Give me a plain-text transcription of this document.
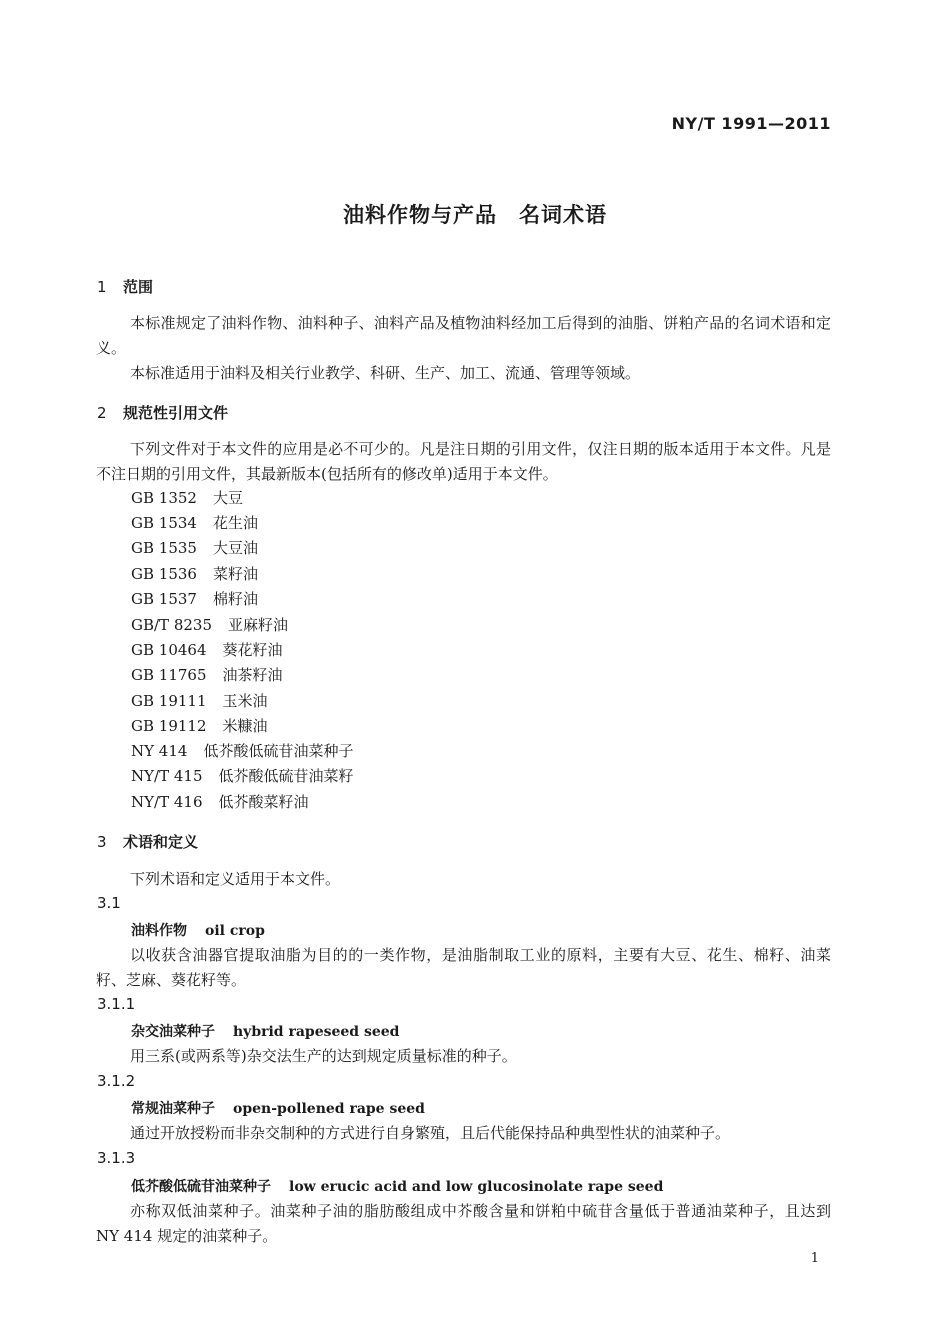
NY/T 1991—2011
油料作物与产品　名词术语
1 范围
本标准规定了油料作物、油料种子、油料产品及植物油料经加工后得到的油脂、饼粕产品的名词术语和定义。
本标准适用于油料及相关行业教学、科研、生产、加工、流通、管理等领域。
2 规范性引用文件
下列文件对于本文件的应用是必不可少的。凡是注日期的引用文件，仅注日期的版本适用于本文件。凡是不注日期的引用文件，其最新版本(包括所有的修改单)适用于本文件。
GB 1352 大豆
GB 1534 花生油
GB 1535 大豆油
GB 1536 菜籽油
GB 1537 棉籽油
GB/T 8235 亚麻籽油
GB 10464 葵花籽油
GB 11765 油茶籽油
GB 19111 玉米油
GB 19112 米糠油
NY 414 低芥酸低硫苷油菜种子
NY/T 415 低芥酸低硫苷油菜籽
NY/T 416 低芥酸菜籽油
3 术语和定义
下列术语和定义适用于本文件。
3.1
油料作物 oil crop
以收获含油器官提取油脂为目的的一类作物，是油脂制取工业的原料，主要有大豆、花生、棉籽、油菜籽、芝麻、葵花籽等。
3.1.1
杂交油菜种子 hybrid rapeseed seed
用三系(或两系等)杂交法生产的达到规定质量标准的种子。
3.1.2
常规油菜种子 open-pollened rape seed
通过开放授粉而非杂交制种的方式进行自身繁殖，且后代能保持品种典型性状的油菜种子。
3.1.3
低芥酸低硫苷油菜种子 low erucic acid and low glucosinolate rape seed
亦称双低油菜种子。油菜种子油的脂肪酸组成中芥酸含量和饼粕中硫苷含量低于普通油菜种子，且达到 NY 414 规定的油菜种子。
1
